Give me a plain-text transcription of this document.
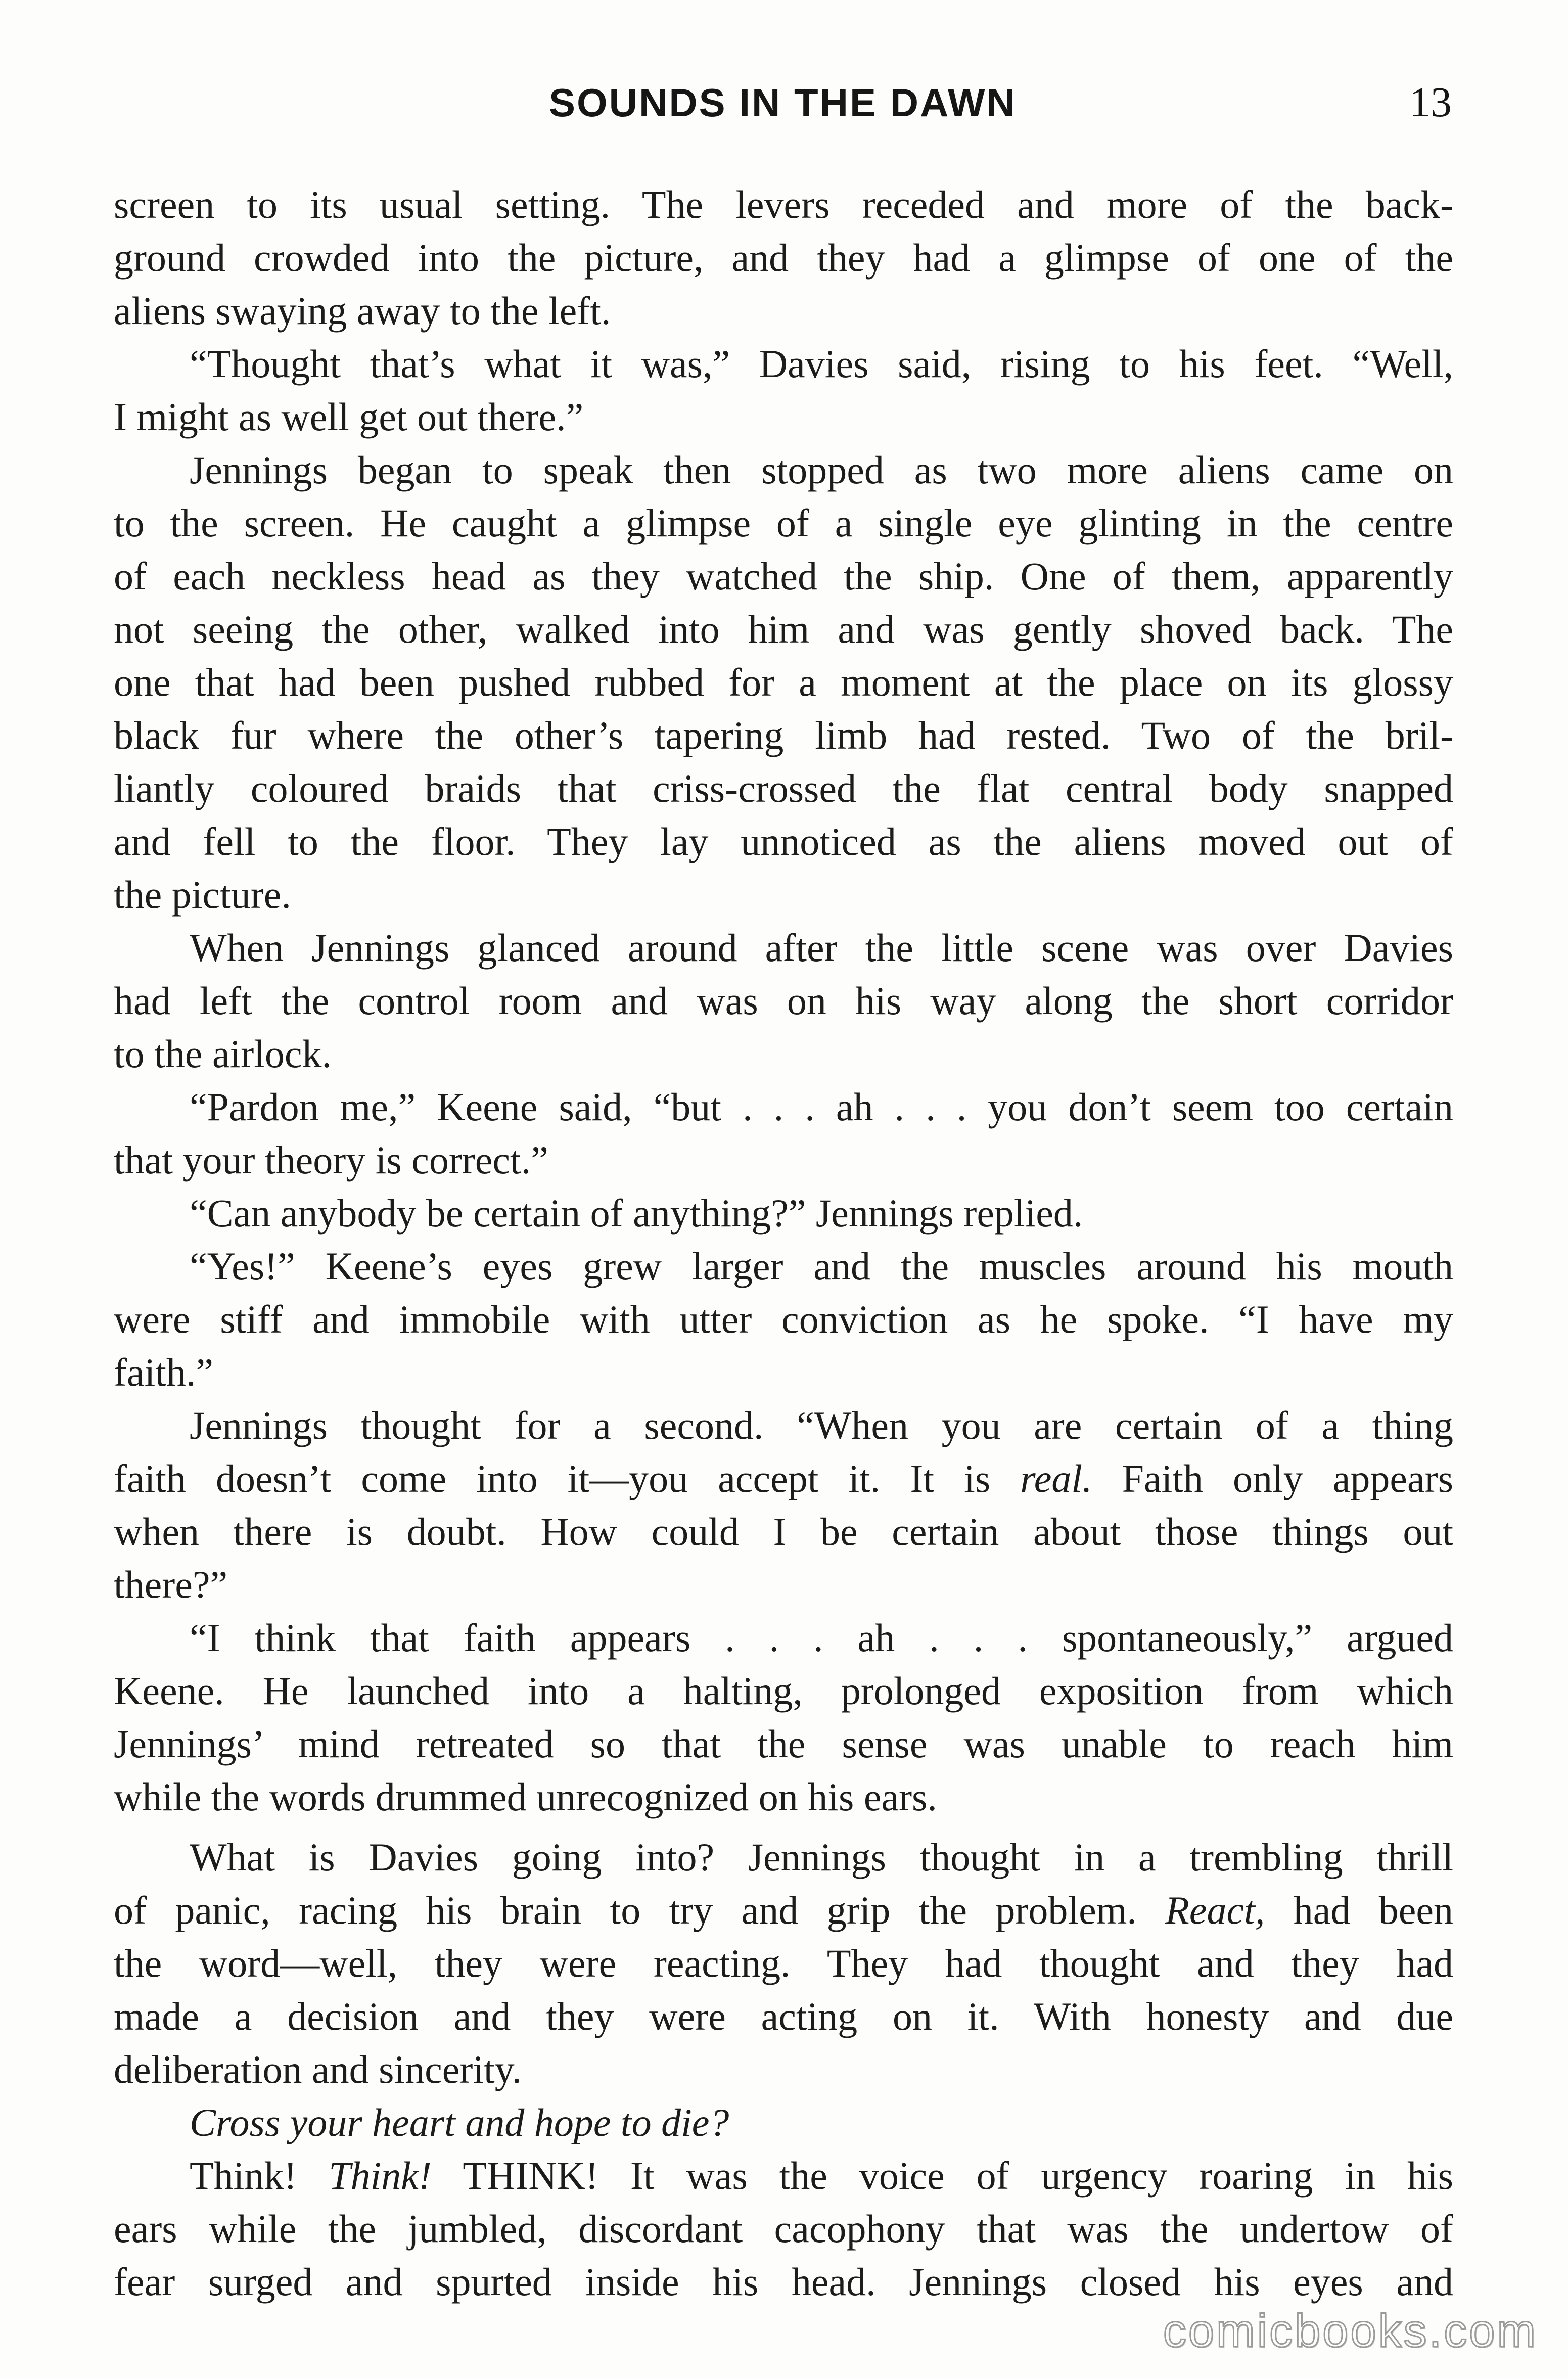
SOUNDS IN THE DAWN	13
screen to its usual setting. The levers receded and more of the back-
ground crowded into the picture, and they had a glimpse of one of the
aliens swaying away to the left.
“Thought that’s what it was,” Davies said, rising to his feet. “Well,
I might as well get out there.”
Jennings began to speak then stopped as two more aliens came on
to the screen. He caught a glimpse of a single eye glinting in the centre
of each neckless head as they watched the ship. One of them, apparently
not seeing the other, walked into him and was gently shoved back. The
one that had been pushed rubbed for a moment at the place on its glossy
black fur where the other’s tapering limb had rested. Two of the bril-
liantly coloured braids that criss-crossed the flat central body snapped
and fell to the floor. They lay unnoticed as the aliens moved out of
the picture.
When Jennings glanced around after the little scene was over Davies
had left the control room and was on his way along the short corridor
to the airlock.
“Pardon me,” Keene said, “but . . . ah . . . you don’t seem too certain
that your theory is correct.”
“Can anybody be certain of anything?” Jennings replied.
“Yes!” Keene’s eyes grew larger and the muscles around his mouth
were stiff and immobile with utter conviction as he spoke. “I have my
faith.”
Jennings thought for a second. “When you are certain of a thing
faith doesn’t come into it—you accept it. It is real. Faith only appears
when there is doubt. How could I be certain about those things out
there?”
“I think that faith appears . . . ah . . . spontaneously,” argued
Keene. He launched into a halting, prolonged exposition from which
Jennings’ mind retreated so that the sense was unable to reach him
while the words drummed unrecognized on his ears.
What is Davies going into? Jennings thought in a trembling thrill
of panic, racing his brain to try and grip the problem. React, had been
the word—well, they were reacting. They had thought and they had
made a decision and they were acting on it. With honesty and due
deliberation and sincerity.
Cross your heart and hope to die?
Think! Think! THINK! It was the voice of urgency roaring in his
ears while the jumbled, discordant cacophony that was the undertow of
fear surged and spurted inside his head. Jennings closed his eyes and
comicbooks.com
